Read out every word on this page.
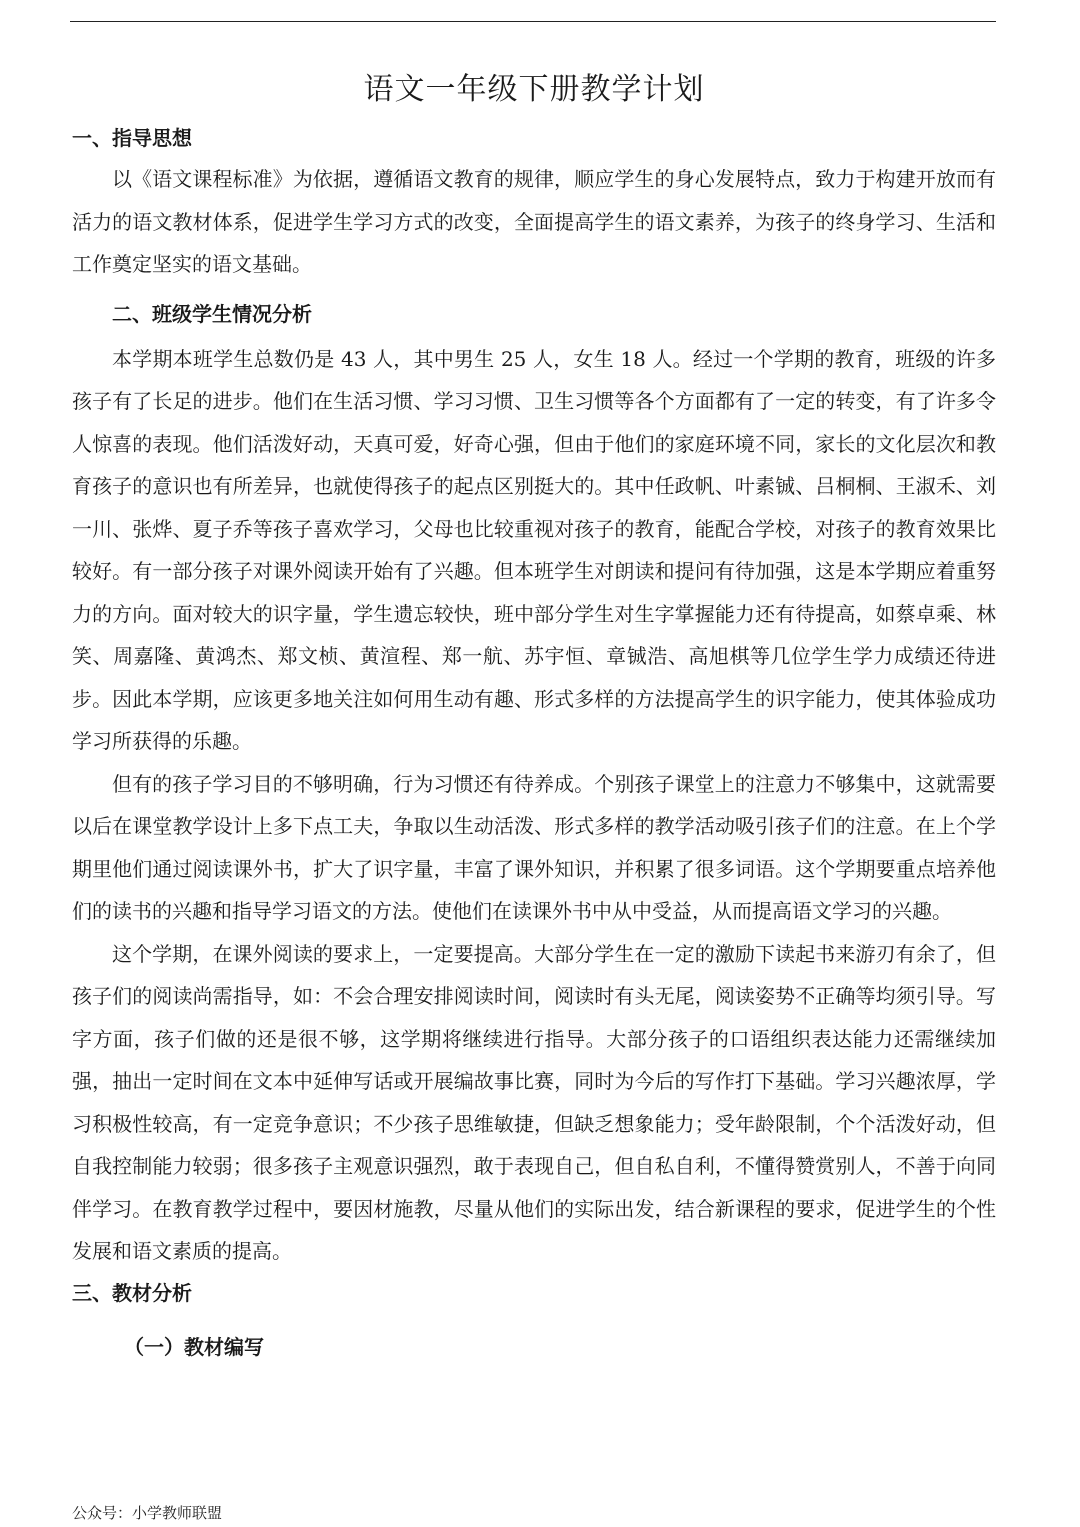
语文一年级下册教学计划
一、指导思想

以《语文课程标准》为依据，遵循语文教育的规律，顺应学生的身心发展特点，致力于构建开放而有活力的语文教材体系，促进学生学习方式的改变，全面提高学生的语文素养，为孩子的终身学习、生活和工作奠定坚实的语文基础。

二、班级学生情况分析

本学期本班学生总数仍是 43 人，其中男生 25 人，女生 18 人。经过一个学期的教育，班级的许多孩子有了长足的进步。他们在生活习惯、学习习惯、卫生习惯等各个方面都有了一定的转变，有了许多令人惊喜的表现。他们活泼好动，天真可爱，好奇心强，但由于他们的家庭环境不同，家长的文化层次和教育孩子的意识也有所差异，也就使得孩子的起点区别挺大的。其中任政帆、叶素铖、吕桐桐、王淑禾、刘一川、张烨、夏子乔等孩子喜欢学习，父母也比较重视对孩子的教育，能配合学校，对孩子的教育效果比较好。有一部分孩子对课外阅读开始有了兴趣。但本班学生对朗读和提问有待加强，这是本学期应着重努力的方向。面对较大的识字量，学生遗忘较快，班中部分学生对生字掌握能力还有待提高，如蔡卓乘、林笑、周嘉隆、黄鸿杰、郑文桢、黄渲程、郑一航、苏宇恒、章铖浩、高旭棋等几位学生学力成绩还待进步。因此本学期，应该更多地关注如何用生动有趣、形式多样的方法提高学生的识字能力，使其体验成功学习所获得的乐趣。

但有的孩子学习目的不够明确，行为习惯还有待养成。个别孩子课堂上的注意力不够集中，这就需要以后在课堂教学设计上多下点工夫，争取以生动活泼、形式多样的教学活动吸引孩子们的注意。在上个学期里他们通过阅读课外书，扩大了识字量，丰富了课外知识，并积累了很多词语。这个学期要重点培养他们的读书的兴趣和指导学习语文的方法。使他们在读课外书中从中受益，从而提高语文学习的兴趣。

这个学期，在课外阅读的要求上，一定要提高。大部分学生在一定的激励下读起书来游刃有余了，但孩子们的阅读尚需指导，如：不会合理安排阅读时间，阅读时有头无尾，阅读姿势不正确等均须引导。写字方面，孩子们做的还是很不够，这学期将继续进行指导。大部分孩子的口语组织表达能力还需继续加强，抽出一定时间在文本中延伸写话或开展编故事比赛，同时为今后的写作打下基础。学习兴趣浓厚，学习积极性较高，有一定竞争意识；不少孩子思维敏捷，但缺乏想象能力；受年龄限制，个个活泼好动，但自我控制能力较弱；很多孩子主观意识强烈，敢于表现自己，但自私自利，不懂得赞赏别人，不善于向同伴学习。在教育教学过程中，要因材施教，尽量从他们的实际出发，结合新课程的要求，促进学生的个性发展和语文素质的提高。

三、教材分析
（一）教材编写
公众号：小学教师联盟
